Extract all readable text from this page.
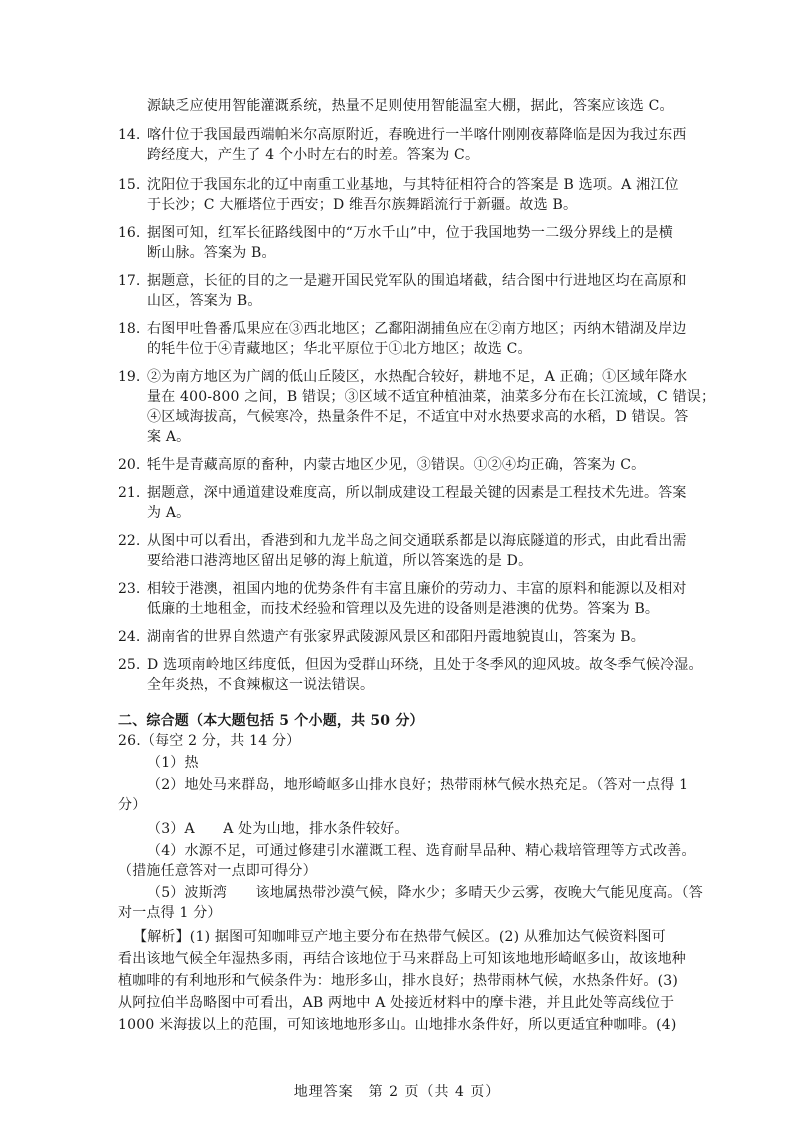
源缺乏应使用智能灌溉系统，热量不足则使用智能温室大棚，据此，答案应该选 C。
14. 喀什位于我国最西端帕米尔高原附近，春晚进行一半喀什刚刚夜幕降临是因为我过东西
跨经度大，产生了 4 个小时左右的时差。答案为 C。
15. 沈阳位于我国东北的辽中南重工业基地，与其特征相符合的答案是 B 选项。A 湘江位
于长沙；C 大雁塔位于西安；D 维吾尔族舞蹈流行于新疆。故选 B。
16. 据图可知，红军长征路线图中的“万水千山”中，位于我国地势一二级分界线上的是横
断山脉。答案为 B。
17. 据题意，长征的目的之一是避开国民党军队的围追堵截，结合图中行进地区均在高原和
山区，答案为 B。
18. 右图甲吐鲁番瓜果应在③西北地区；乙鄱阳湖捕鱼应在②南方地区；丙纳木错湖及岸边
的牦牛位于④青藏地区；华北平原位于①北方地区；故选 C。
19. ②为南方地区为广阔的低山丘陵区，水热配合较好，耕地不足，A 正确；①区域年降水
量在 400-800 之间，B 错误；③区域不适宜种植油菜，油菜多分布在长江流域，C 错误；
④区域海拔高，气候寒冷，热量条件不足，不适宜中对水热要求高的水稻，D 错误。答
案 A。
20. 牦牛是青藏高原的畜种，内蒙古地区少见，③错误。①②④均正确，答案为 C。
21. 据题意，深中通道建设难度高，所以制成建设工程最关键的因素是工程技术先进。答案
为 A。
22. 从图中可以看出，香港到和九龙半岛之间交通联系都是以海底隧道的形式，由此看出需
要给港口港湾地区留出足够的海上航道，所以答案选的是 D。
23. 相较于港澳，祖国内地的优势条件有丰富且廉价的劳动力、丰富的原料和能源以及相对
低廉的土地租金，而技术经验和管理以及先进的设备则是港澳的优势。答案为 B。
24. 湖南省的世界自然遗产有张家界武陵源风景区和邵阳丹霞地貌崀山，答案为 B。
25. D 选项南岭地区纬度低，但因为受群山环绕，且处于冬季风的迎风坡。故冬季气候冷湿。
全年炎热，不食辣椒这一说法错误。
二、综合题（本大题包括 5 个小题，共 50 分）
26.（每空 2 分，共 14 分）
（1）热
（2）地处马来群岛，地形崎岖多山排水良好；热带雨林气候水热充足。（答对一点得 1
分）
（3）A　　A 处为山地，排水条件较好。
（4）水源不足，可通过修建引水灌溉工程、选育耐旱品种、精心栽培管理等方式改善。
（措施任意答对一点即可得分）
（5）波斯湾　　该地属热带沙漠气候，降水少；多晴天少云雾，夜晚大气能见度高。（答
对一点得 1 分）
【解析】(1) 据图可知咖啡豆产地主要分布在热带气候区。(2) 从雅加达气候资料图可
看出该地气候全年湿热多雨，再结合该地位于马来群岛上可知该地地形崎岖多山，故该地种
植咖啡的有利地形和气候条件为：地形多山，排水良好；热带雨林气候，水热条件好。(3)
从阿拉伯半岛略图中可看出，AB 两地中 A 处接近材料中的摩卡港，并且此处等高线位于
1000 米海拔以上的范围，可知该地地形多山。山地排水条件好，所以更适宜种咖啡。(4)
地理答案　第 2 页（共 4 页）
